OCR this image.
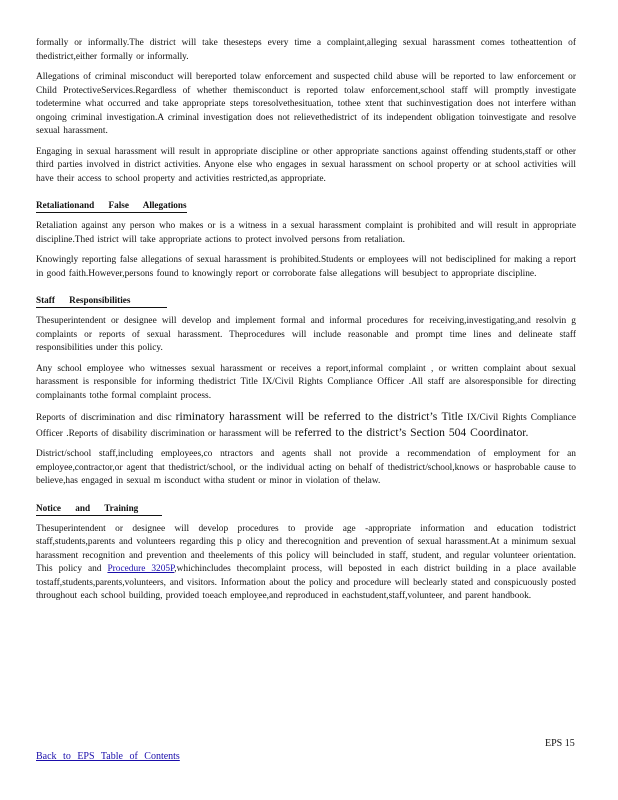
formally or informally.The district will take thesesteps every time a complaint,alleging sexual harassment comes totheattention of thedistrict,either formally or informally.

Allegations of criminal misconduct will bereported tolaw enforcement and suspected child abuse will be reported to law enforcement or Child ProtectiveServices.Regardless of whether themisconduct is reported tolaw enforcement,school staff will promptly investigate todetermine what occurred and take appropriate steps toresolvethesituation, tothee xtent that suchinvestigation does not interfere withan ongoing criminal investigation.A criminal investigation does not relievethedistrict of its independent obligation toinvestigate and resolve sexual harassment.

Engaging in sexual harassment will result in appropriate discipline or other appropriate sanctions against offending students,staff or other third parties involved in district activities. Anyone else who engages in sexual harassment on school property or at school activities will have their access to school property and activities restricted,as appropriate.

Retaliationand False Allegations

Retaliation against any person who makes or is a witness in a sexual harassment complaint is prohibited and will result in appropriate discipline.Thed istrict will take appropriate actions to protect involved persons from retaliation.

Knowingly reporting false allegations of sexual harassment is prohibited.Students or employees will not bedisciplined for making a report in good faith.However,persons found to knowingly report or corroborate false allegations will besubject to appropriate discipline.

Staff Responsibilities

Thesuperintendent or designee will develop and implement formal and informal procedures for receiving,investigating,and resolvin g complaints or reports of sexual harassment. Theprocedures will include reasonable and prompt time lines and delineate staff responsibilities under this policy.

Any school employee who witnesses sexual harassment or receives a report,informal complaint , or written complaint about sexual harassment is responsible for informing thedistrict Title IX/Civil Rights Compliance Officer .All staff are alsoresponsible for directing complainants tothe formal complaint process.

Reports of discrimination and disc riminatory harassment will be referred to the district’s Title IX/Civil Rights Compliance Officer .Reports of disability discrimination or harassment will be referred to the district’s Section 504 Coordinator.

District/school staff,including employees,co ntractors and agents shall not provide a recommendation of employment for an employee,contractor,or agent that thedistrict/school, or the individual acting on behalf of thedistrict/school,knows or hasprobable cause to believe,has engaged in sexual m isconduct witha student or minor in violation of thelaw.

Notice and Training

Thesuperintendent or designee will develop procedures to provide age -appropriate information and education todistrict staff,students,parents and volunteers regarding this p olicy and therecognition and prevention of sexual harassment.At a minimum sexual harassment recognition and prevention and theelements of this policy will beincluded in staff, student, and regular volunteer orientation. This policy and Procedure 3205P,whichincludes thecomplaint process, will beposted in each district building in a place available tostaff,students,parents,volunteers, and visitors. Information about the policy and procedure will beclearly stated and conspicuously posted throughout each school building, provided toeach employee,and reproduced in eachstudent,staff,volunteer, and parent handbook.

EPS 15
Back to EPS Table of Contents
